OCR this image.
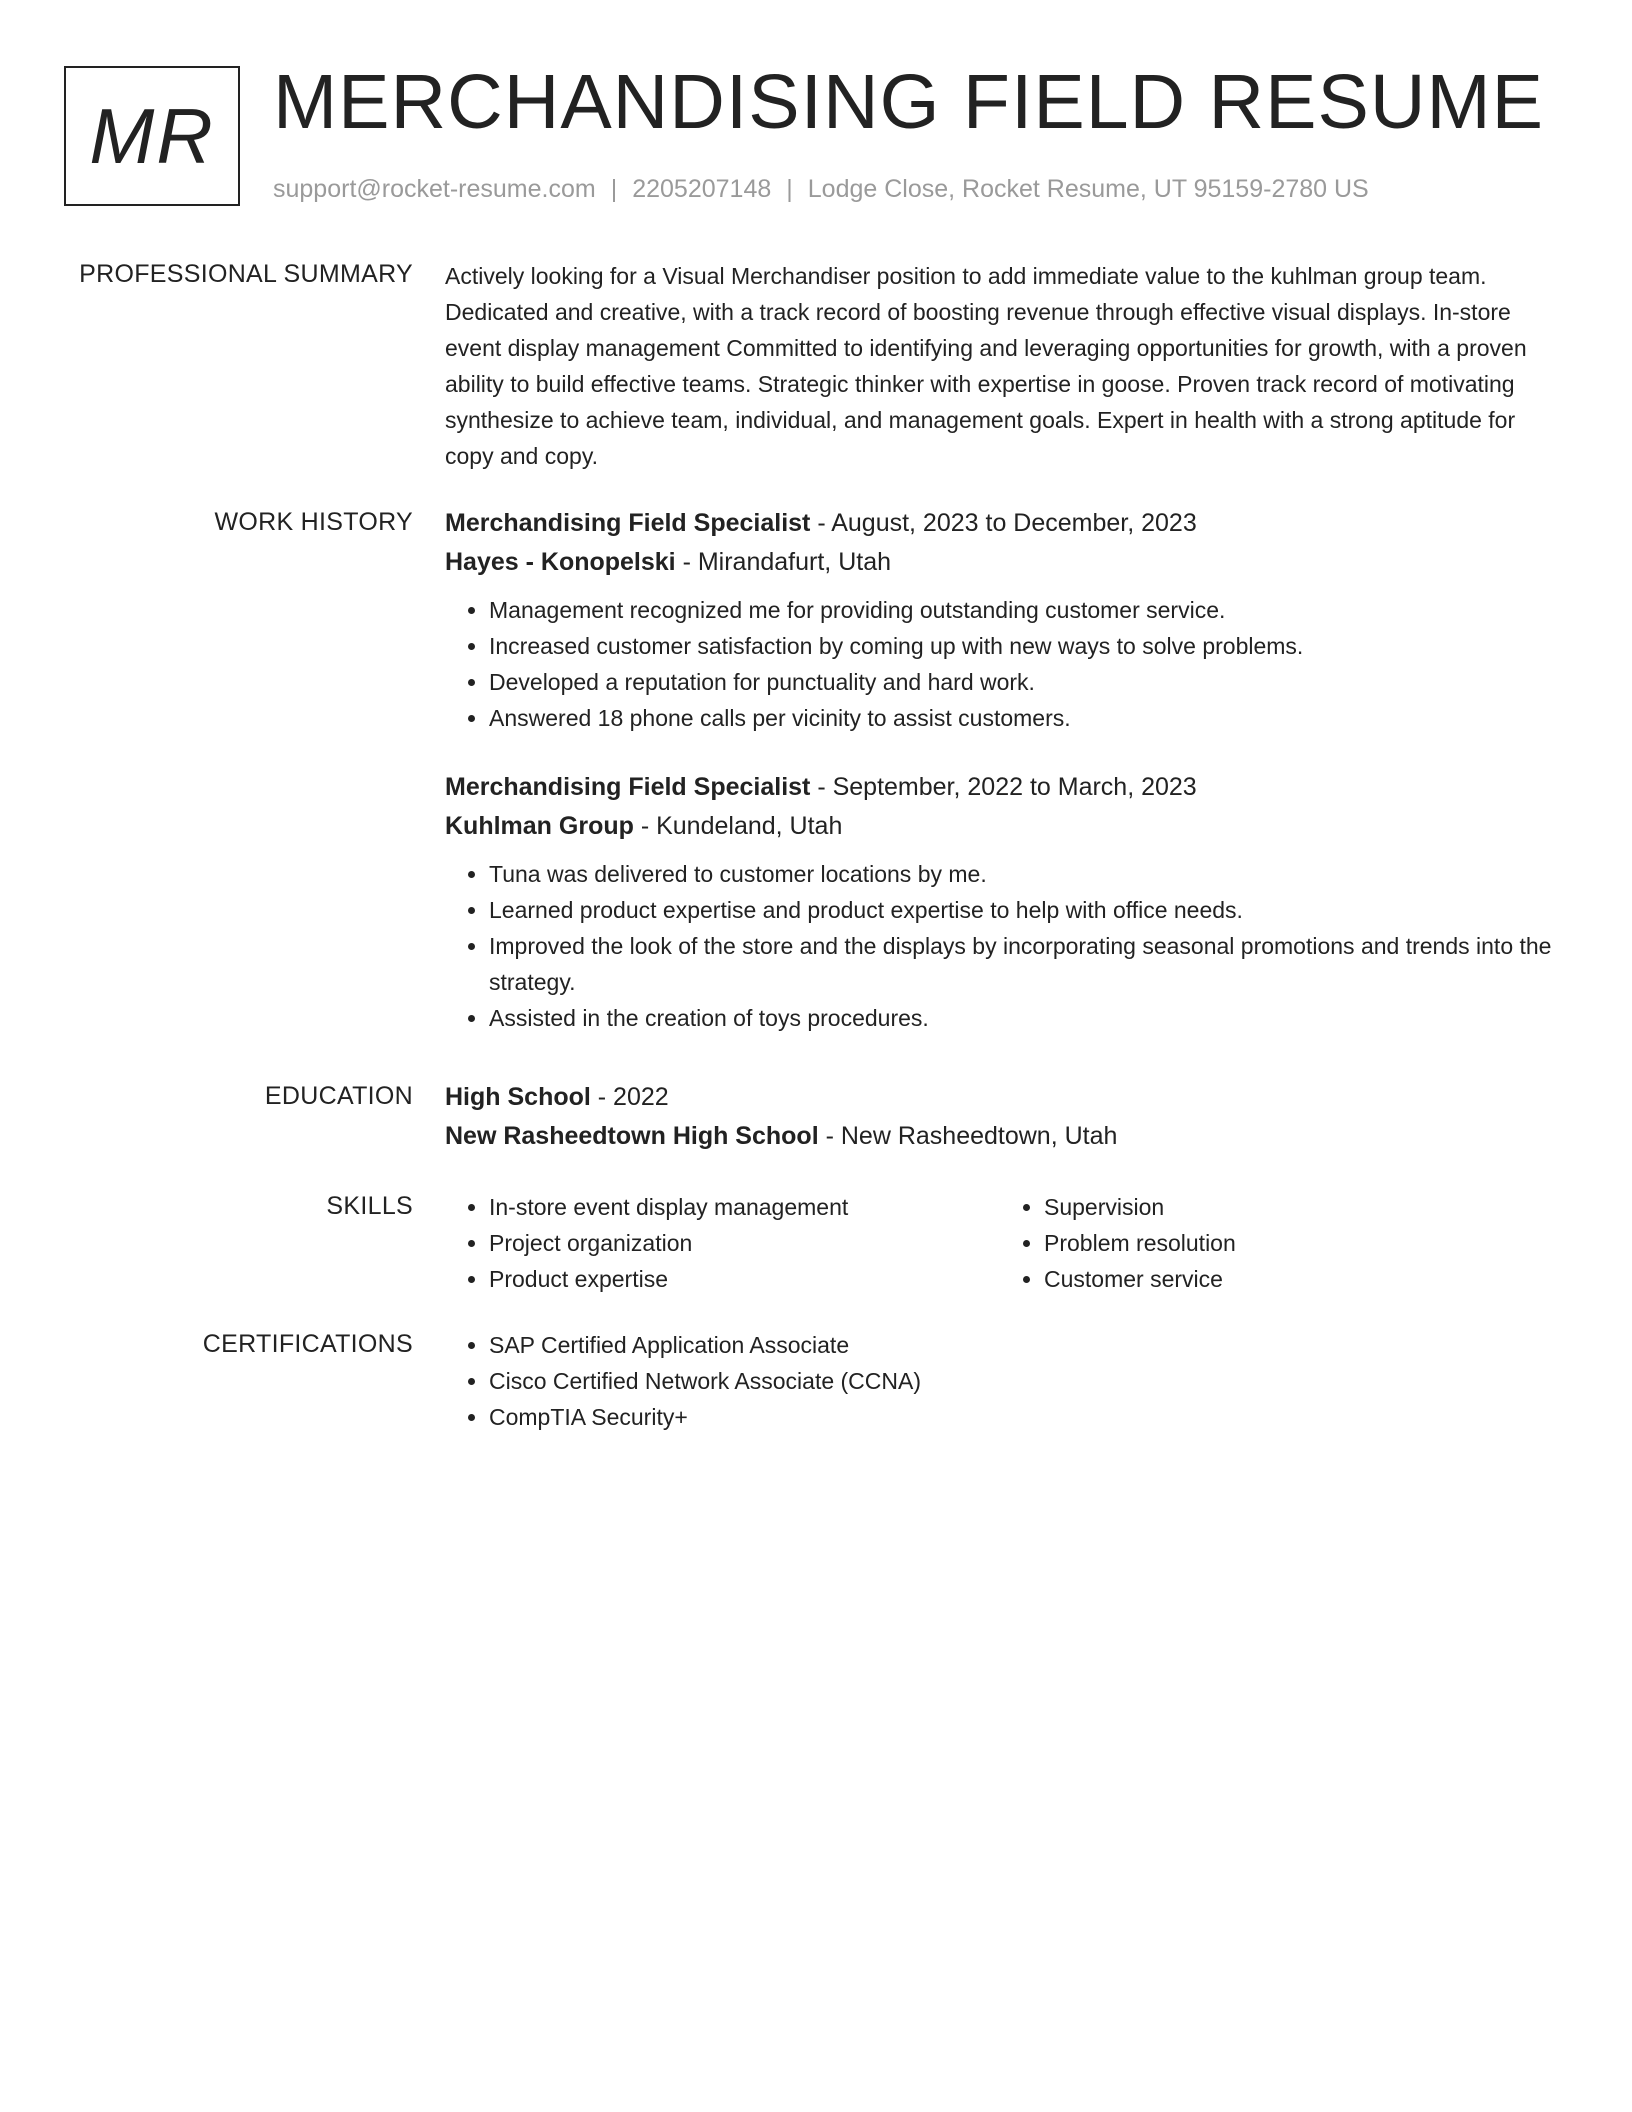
MR MERCHANDISING FIELD RESUME
support@rocket-resume.com | 2205207148 | Lodge Close, Rocket Resume, UT 95159-2780 US
PROFESSIONAL SUMMARY Actively looking for a Visual Merchandiser position to add immediate value to the kuhlman group team. Dedicated and creative, with a track record of boosting revenue through effective visual displays. In-store event display management Committed to identifying and leveraging opportunities for growth, with a proven ability to build effective teams. Strategic thinker with expertise in goose. Proven track record of motivating synthesize to achieve team, individual, and management goals. Expert in health with a strong aptitude for copy and copy.

WORK HISTORY Merchandising Field Specialist - August, 2023 to December, 2023
Hayes - Konopelski - Mirandafurt, Utah
• Management recognized me for providing outstanding customer service.
• Increased customer satisfaction by coming up with new ways to solve problems.
• Developed a reputation for punctuality and hard work.
• Answered 18 phone calls per vicinity to assist customers.
Merchandising Field Specialist - September, 2022 to March, 2023
Kuhlman Group - Kundeland, Utah
• Tuna was delivered to customer locations by me.
• Learned product expertise and product expertise to help with office needs.
• Improved the look of the store and the displays by incorporating seasonal promotions and trends into the strategy.
• Assisted in the creation of toys procedures.
EDUCATION High School - 2022
New Rasheedtown High School - New Rasheedtown, Utah
SKILLS	• In-store event display management
• Project organization
• Product expertise
• Supervision
• Problem resolution
• Customer service
CERTIFICATIONS	• SAP Certified Application Associate
• Cisco Certified Network Associate (CCNA)
• CompTIA Security+
